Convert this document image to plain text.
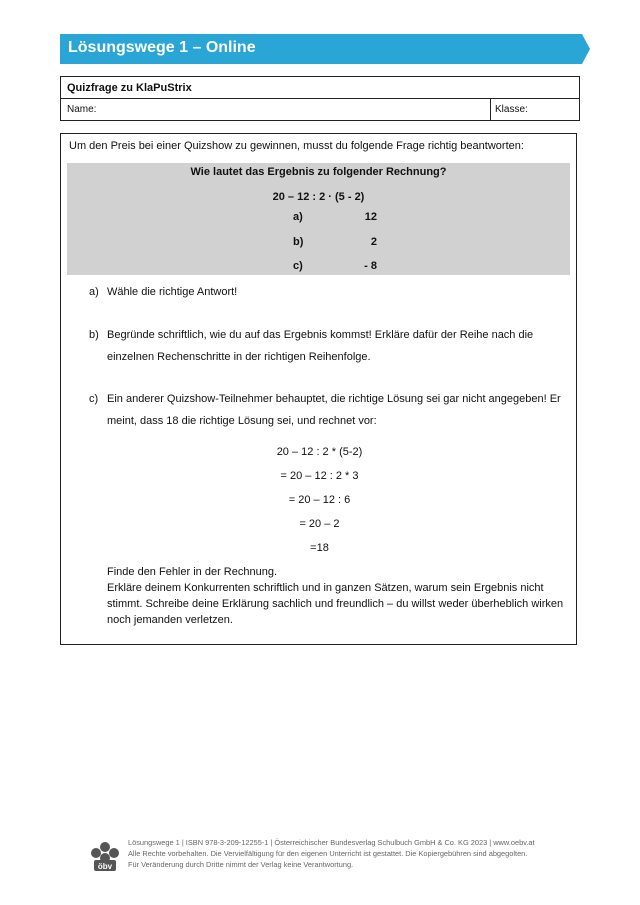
Lösungswege 1 – Online
Quizfrage zu KlaPuStrix
Name:	Klasse:
Um den Preis bei einer Quizshow zu gewinnen, musst du folgende Frage richtig beantworten:
Wie lautet das Ergebnis zu folgender Rechnung?
20 – 12 : 2 · (5 - 2)
a)	12
b)	2
c)	- 8
a) Wähle die richtige Antwort!
b) Begründe schriftlich, wie du auf das Ergebnis kommst! Erkläre dafür der Reihe nach die
einzelnen Rechenschritte in der richtigen Reihenfolge.
c) Ein anderer Quizshow-Teilnehmer behauptet, die richtige Lösung sei gar nicht angegeben! Er
meint, dass 18 die richtige Lösung sei, und rechnet vor:
20 – 12 : 2 * (5-2)
= 20 – 12 : 2 * 3
= 20 – 12 : 6
= 20 – 2
=18
Finde den Fehler in der Rechnung.
Erkläre deinem Konkurrenten schriftlich und in ganzen Sätzen, warum sein Ergebnis nicht stimmt. Schreibe deine Erklärung sachlich und freundlich – du willst weder überheblich wirken noch jemanden verletzen.
öbv
Lösungswege 1 | ISBN 978-3-209-12255-1 | Österreichischer Bundesverlag Schulbuch GmbH & Co. KG 2023 | www.oebv.at
Alle Rechte vorbehalten. Die Vervielfältigung für den eigenen Unterricht ist gestattet. Die Kopiergebühren sind abgegolten.
Für Veränderung durch Dritte nimmt der Verlag keine Verantwortung.
